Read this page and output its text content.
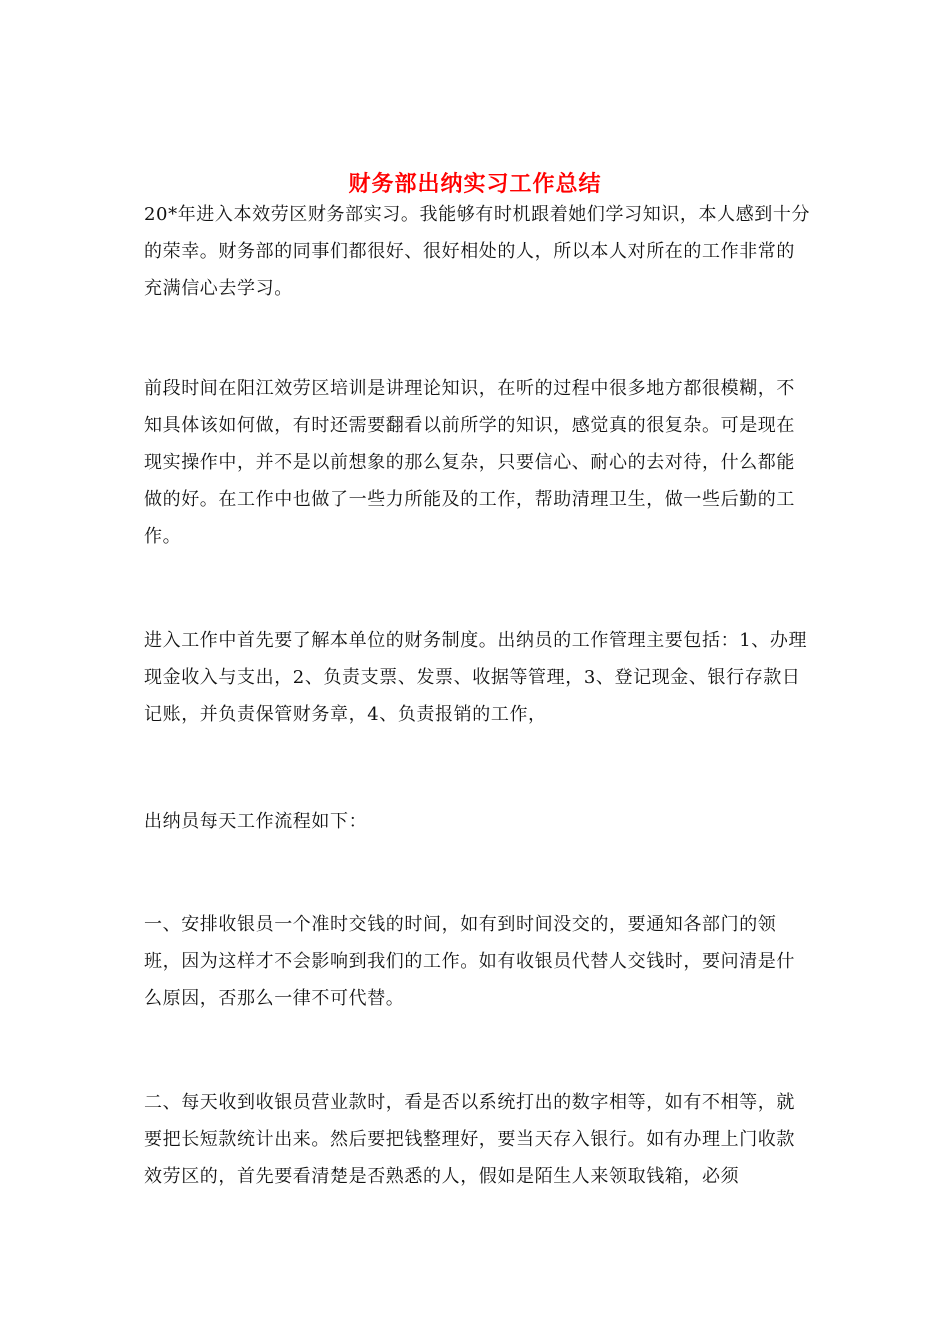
财务部出纳实习工作总结

20*年进入本效劳区财务部实习。我能够有时机跟着她们学习知识，本人感到十分的荣幸。财务部的同事们都很好、很好相处的人，所以本人对所在的工作非常的充满信心去学习。

前段时间在阳江效劳区培训是讲理论知识，在听的过程中很多地方都很模糊，不知具体该如何做，有时还需要翻看以前所学的知识，感觉真的很复杂。可是现在现实操作中，并不是以前想象的那么复杂，只要信心、耐心的去对待，什么都能做的好。在工作中也做了一些力所能及的工作，帮助清理卫生，做一些后勤的工作。

进入工作中首先要了解本单位的财务制度。出纳员的工作管理主要包括：1、办理现金收入与支出，2、负责支票、发票、收据等管理，3、登记现金、银行存款日记账，并负责保管财务章，4、负责报销的工作，

出纳员每天工作流程如下：

一、安排收银员一个准时交钱的时间，如有到时间没交的，要通知各部门的领班，因为这样才不会影响到我们的工作。如有收银员代替人交钱时，要问清是什么原因，否那么一律不可代替。

二、每天收到收银员营业款时，看是否以系统打出的数字相等，如有不相等，就要把长短款统计出来。然后要把钱整理好，要当天存入银行。如有办理上门收款效劳区的，首先要看清楚是否熟悉的人，假如是陌生人来领取钱箱，必须
